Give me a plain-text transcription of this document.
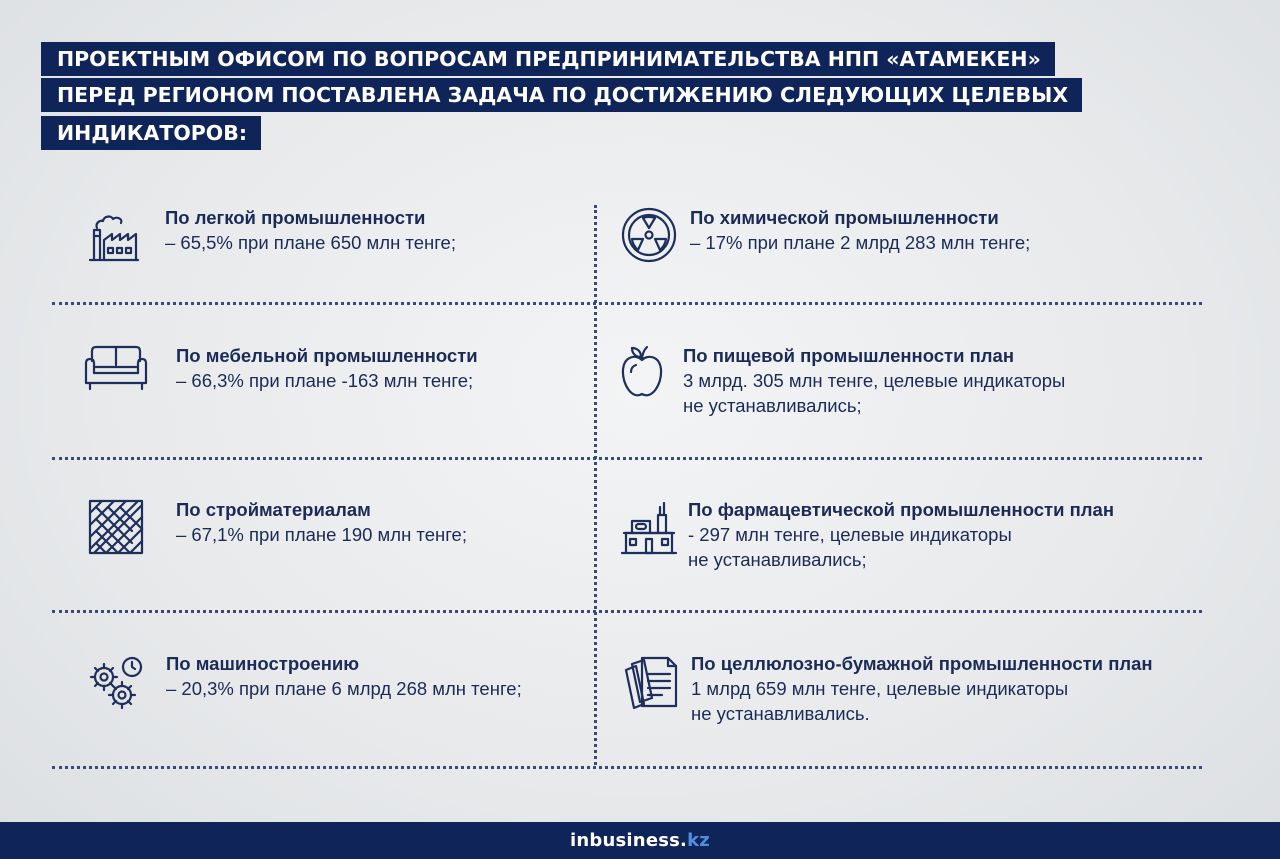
ПРОЕКТНЫМ ОФИСОМ ПО ВОПРОСАМ ПРЕДПРИНИМАТЕЛЬСТВА НПП «АТАМЕКЕН»
ПЕРЕД РЕГИОНОМ ПОСТАВЛЕНА ЗАДАЧА ПО ДОСТИЖЕНИЮ СЛЕДУЮЩИХ ЦЕЛЕВЫХ
ИНДИКАТОРОВ:
По легкой промышленности
– 65,5% при плане 650 млн тенге;
По химической промышленности
– 17% при плане 2 млрд 283 млн тенге;
По мебельной промышленности
– 66,3% при плане -163 млн тенге;
По пищевой промышленности план
3 млрд. 305 млн тенге, целевые индикаторы
не устанавливались;
По стройматериалам
– 67,1% при плане 190 млн тенге;
По фармацевтической промышленности план
- 297 млн тенге, целевые индикаторы
не устанавливались;
По машиностроению
– 20,3% при плане 6 млрд 268 млн тенге;
По целлюлозно-бумажной промышленности план
1 млрд 659 млн тенге, целевые индикаторы
не устанавливались.
inbusiness.kz
